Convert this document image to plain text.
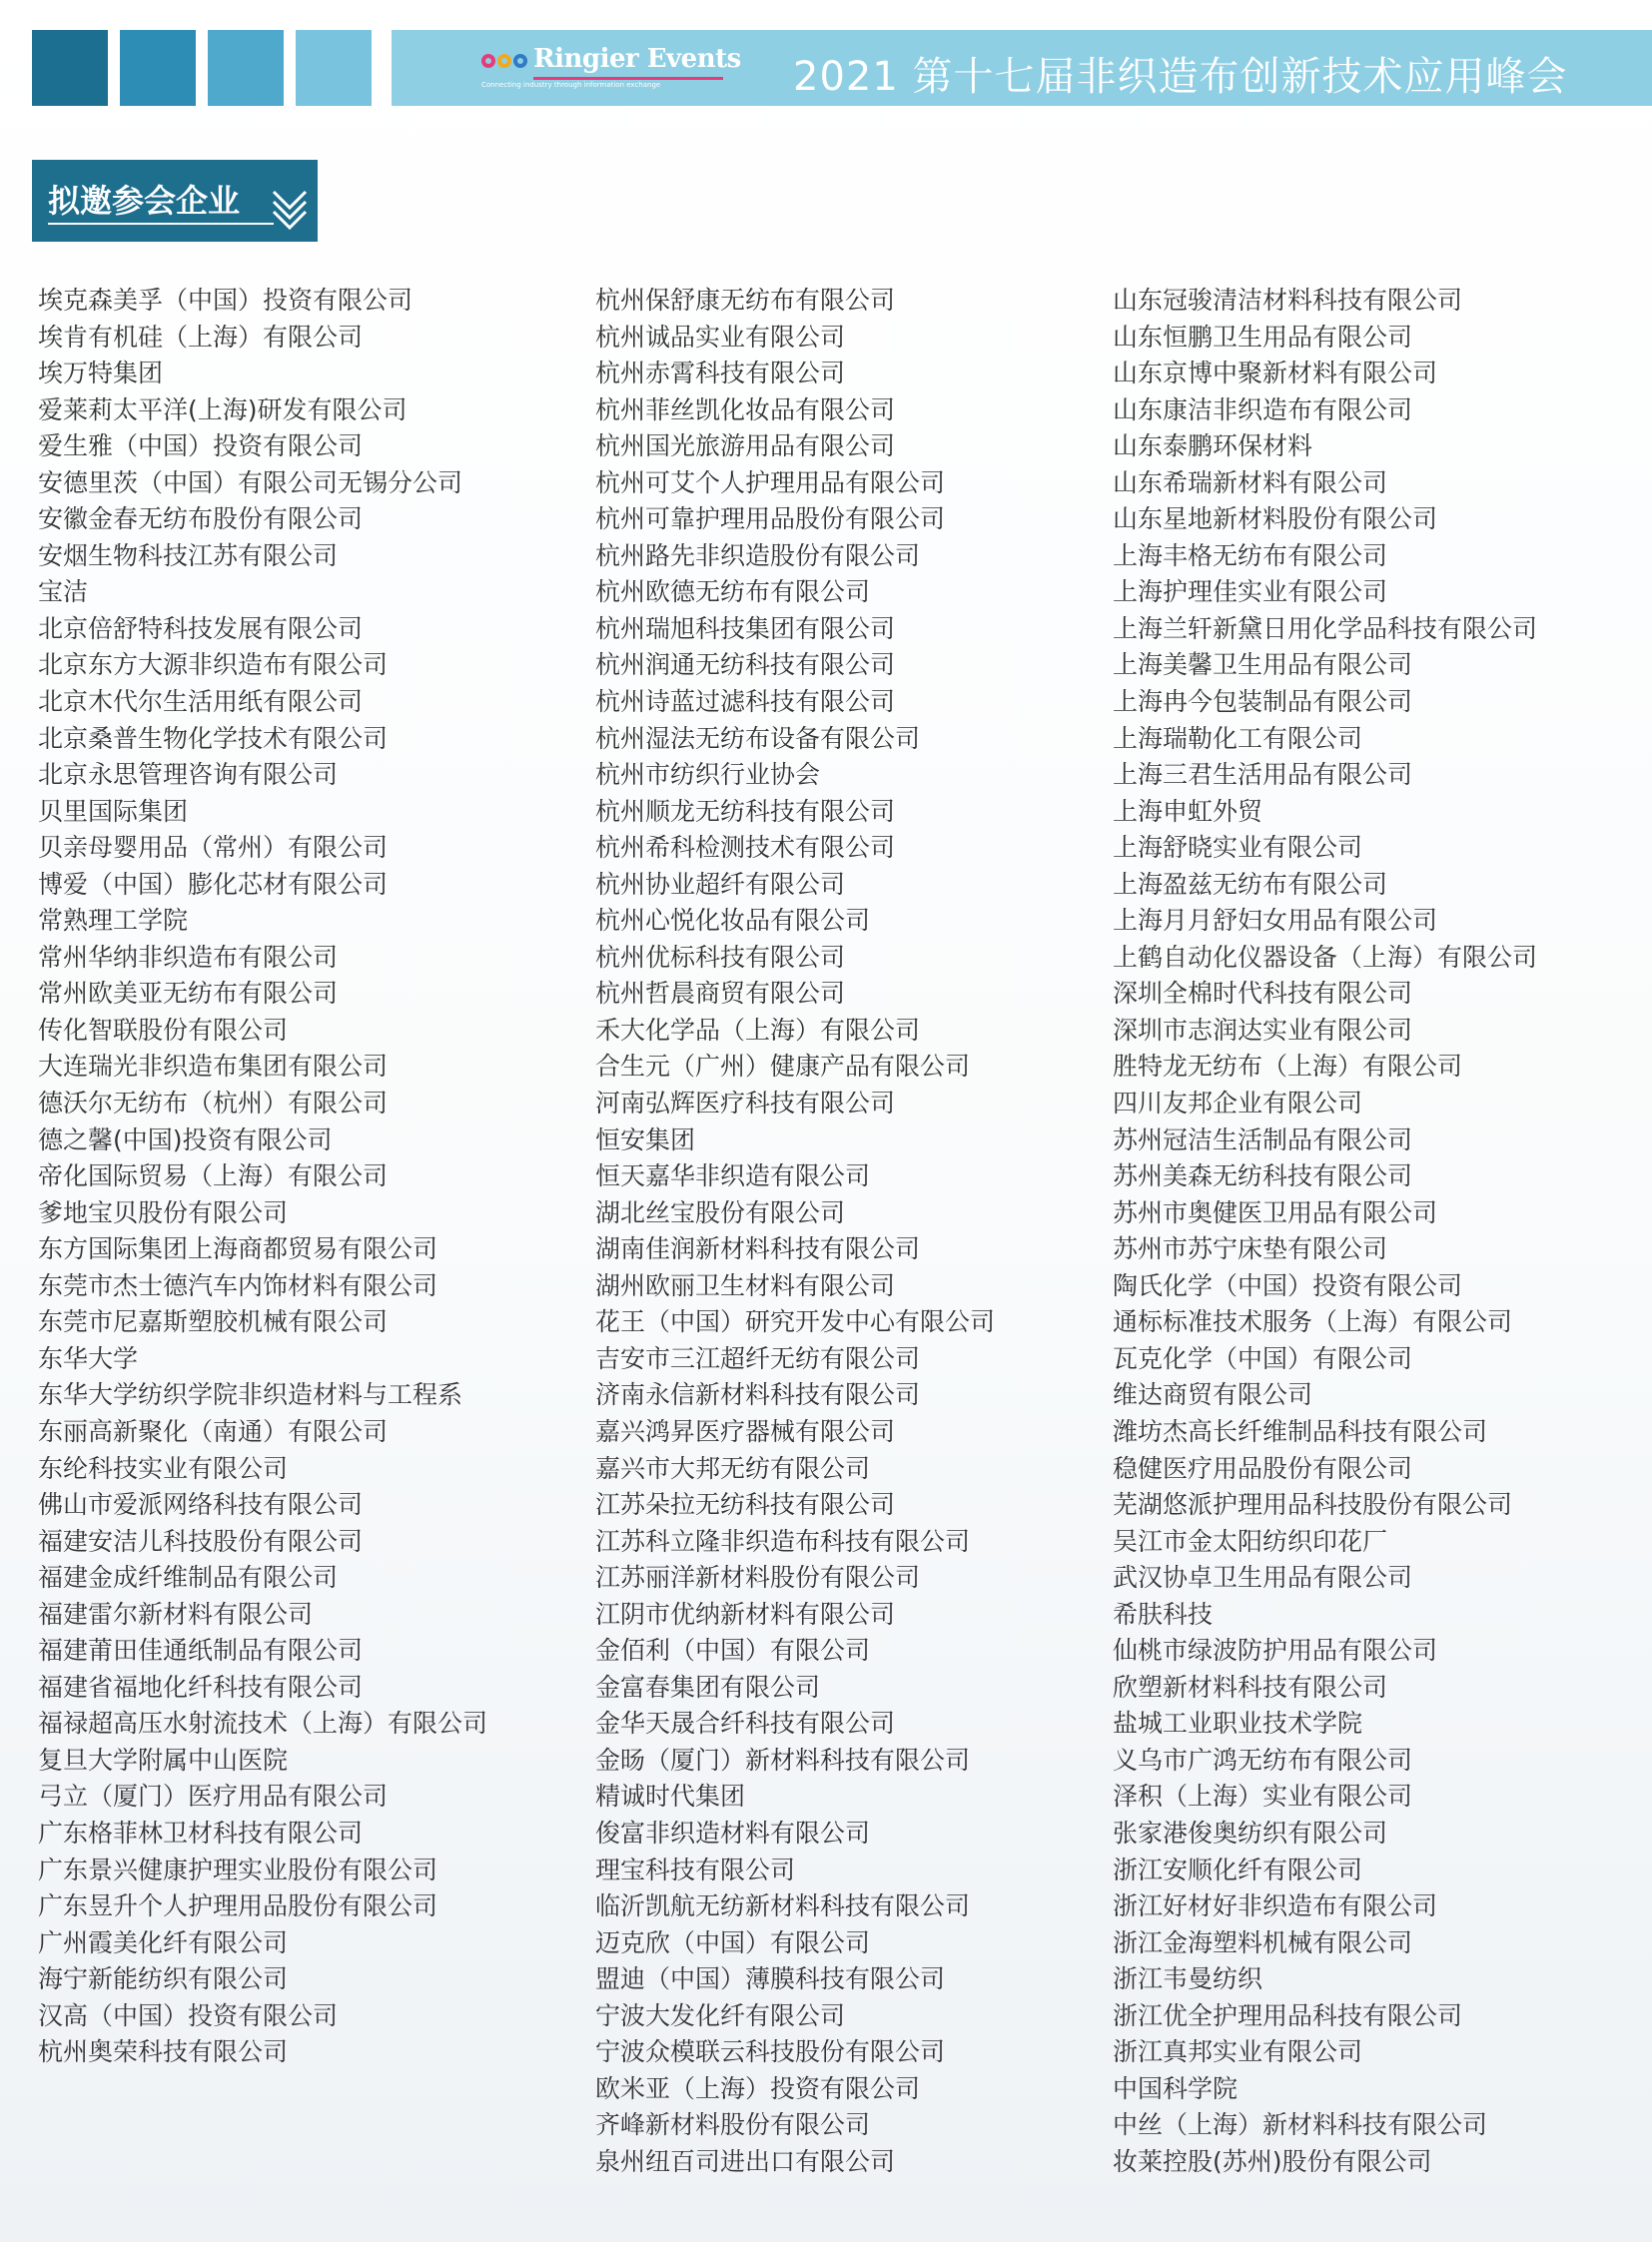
Ringier Events
Connecting industry through information exchange	2021 第十七届非织造布创新技术应用峰会
拟邀参会企业
埃克森美孚（中国）投资有限公司
埃肯有机硅（上海）有限公司
埃万特集团
爱莱莉太平洋(上海)研发有限公司
爱生雅（中国）投资有限公司
安德里茨（中国）有限公司无锡分公司
安徽金春无纺布股份有限公司
安烟生物科技江苏有限公司
宝洁
北京倍舒特科技发展有限公司
北京东方大源非织造布有限公司
北京木代尔生活用纸有限公司
北京桑普生物化学技术有限公司
北京永思管理咨询有限公司
贝里国际集团
贝亲母婴用品（常州）有限公司
博爱（中国）膨化芯材有限公司
常熟理工学院
常州华纳非织造布有限公司
常州欧美亚无纺布有限公司
传化智联股份有限公司
大连瑞光非织造布集团有限公司
德沃尔无纺布（杭州）有限公司
德之馨(中国)投资有限公司
帝化国际贸易（上海）有限公司
爹地宝贝股份有限公司
东方国际集团上海商都贸易有限公司
东莞市杰士德汽车内饰材料有限公司
东莞市尼嘉斯塑胶机械有限公司
东华大学
东华大学纺织学院非织造材料与工程系
东丽高新聚化（南通）有限公司
东纶科技实业有限公司
佛山市爱派网络科技有限公司
福建安洁儿科技股份有限公司
福建金成纤维制品有限公司
福建雷尔新材料有限公司
福建莆田佳通纸制品有限公司
福建省福地化纤科技有限公司
福禄超高压水射流技术（上海）有限公司
复旦大学附属中山医院
弓立（厦门）医疗用品有限公司
广东格菲林卫材科技有限公司
广东景兴健康护理实业股份有限公司
广东昱升个人护理用品股份有限公司
广州霞美化纤有限公司
海宁新能纺织有限公司
汉高（中国）投资有限公司
杭州奥荣科技有限公司
杭州保舒康无纺布有限公司
杭州诚品实业有限公司
杭州赤霄科技有限公司
杭州菲丝凯化妆品有限公司
杭州国光旅游用品有限公司
杭州可艾个人护理用品有限公司
杭州可靠护理用品股份有限公司
杭州路先非织造股份有限公司
杭州欧德无纺布有限公司
杭州瑞旭科技集团有限公司
杭州润通无纺科技有限公司
杭州诗蓝过滤科技有限公司
杭州湿法无纺布设备有限公司
杭州市纺织行业协会
杭州顺龙无纺科技有限公司
杭州希科检测技术有限公司
杭州协业超纤有限公司
杭州心悦化妆品有限公司
杭州优标科技有限公司
杭州哲晨商贸有限公司
禾大化学品（上海）有限公司
合生元（广州）健康产品有限公司
河南弘辉医疗科技有限公司
恒安集团
恒天嘉华非织造有限公司
湖北丝宝股份有限公司
湖南佳润新材料科技有限公司
湖州欧丽卫生材料有限公司
花王（中国）研究开发中心有限公司
吉安市三江超纤无纺有限公司
济南永信新材料科技有限公司
嘉兴鸿昇医疗器械有限公司
嘉兴市大邦无纺有限公司
江苏朵拉无纺科技有限公司
江苏科立隆非织造布科技有限公司
江苏丽洋新材料股份有限公司
江阴市优纳新材料有限公司
金佰利（中国）有限公司
金富春集团有限公司
金华天晟合纤科技有限公司
金旸（厦门）新材料科技有限公司
精诚时代集团
俊富非织造材料有限公司
理宝科技有限公司
临沂凯航无纺新材料科技有限公司
迈克欣（中国）有限公司
盟迪（中国）薄膜科技有限公司
宁波大发化纤有限公司
宁波众模联云科技股份有限公司
欧米亚（上海）投资有限公司
齐峰新材料股份有限公司
泉州纽百司进出口有限公司
山东冠骏清洁材料科技有限公司
山东恒鹏卫生用品有限公司
山东京博中聚新材料有限公司
山东康洁非织造布有限公司
山东泰鹏环保材料
山东希瑞新材料有限公司
山东星地新材料股份有限公司
上海丰格无纺布有限公司
上海护理佳实业有限公司
上海兰轩新黛日用化学品科技有限公司
上海美馨卫生用品有限公司
上海冉今包装制品有限公司
上海瑞勒化工有限公司
上海三君生活用品有限公司
上海申虹外贸
上海舒晓实业有限公司
上海盈兹无纺布有限公司
上海月月舒妇女用品有限公司
上鹤自动化仪器设备（上海）有限公司
深圳全棉时代科技有限公司
深圳市志润达实业有限公司
胜特龙无纺布（上海）有限公司
四川友邦企业有限公司
苏州冠洁生活制品有限公司
苏州美森无纺科技有限公司
苏州市奥健医卫用品有限公司
苏州市苏宁床垫有限公司
陶氏化学（中国）投资有限公司
通标标准技术服务（上海）有限公司
瓦克化学（中国）有限公司
维达商贸有限公司
潍坊杰高长纤维制品科技有限公司
稳健医疗用品股份有限公司
芜湖悠派护理用品科技股份有限公司
吴江市金太阳纺织印花厂
武汉协卓卫生用品有限公司
希肤科技
仙桃市绿波防护用品有限公司
欣塑新材料科技有限公司
盐城工业职业技术学院
义乌市广鸿无纺布有限公司
泽积（上海）实业有限公司
张家港俊奥纺织有限公司
浙江安顺化纤有限公司
浙江好材好非织造布有限公司
浙江金海塑料机械有限公司
浙江韦曼纺织
浙江优全护理用品科技有限公司
浙江真邦实业有限公司
中国科学院
中丝（上海）新材料科技有限公司
妆莱控股(苏州)股份有限公司
